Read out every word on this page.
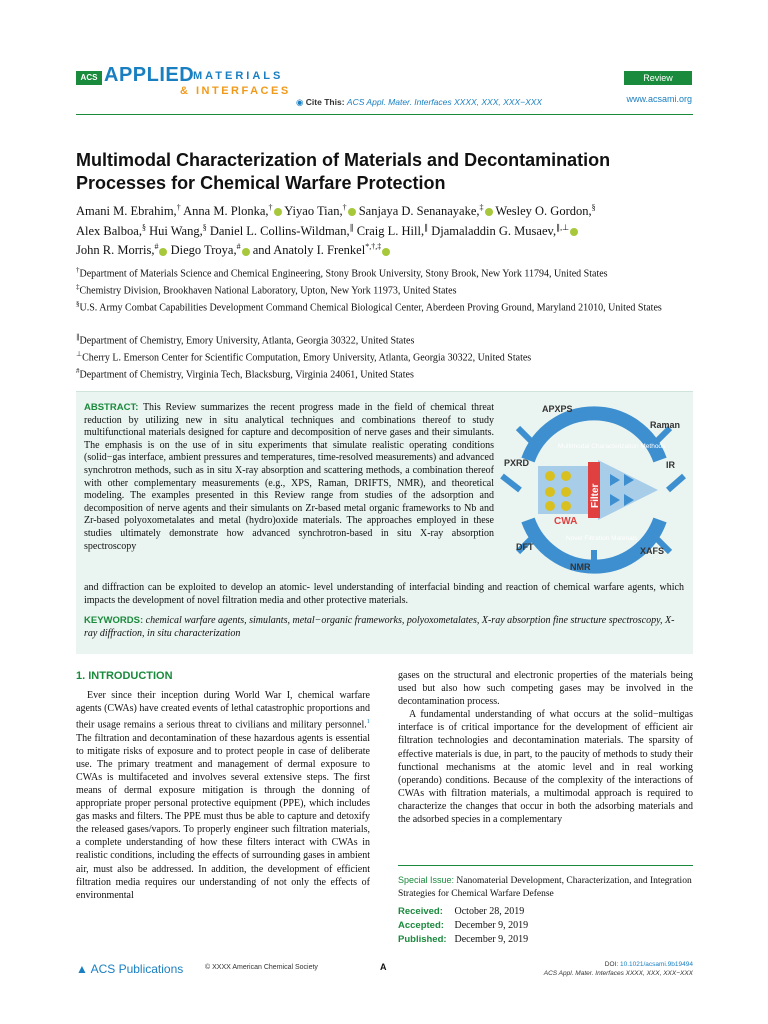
ACS APPLIED
MATERIALS
& INTERFACES
Review
www.acsami.org
◉ Cite This: ACS Appl. Mater. Interfaces XXXX, XXX, XXX−XXX
Multimodal Characterization of Materials and Decontamination Processes for Chemical Warfare Protection
Amani M. Ebrahim,† Anna M. Plonka,† Yiyao Tian,† Sanjaya D. Senanayake,‡ Wesley O. Gordon,§
Alex Balboa,§ Hui Wang,§ Daniel L. Collins-Wildman,∥ Craig L. Hill,∥ Djamaladdin G. Musaev,∥,⊥
John R. Morris,# Diego Troya,# and Anatoly I. Frenkel*,†,‡
†Department of Materials Science and Chemical Engineering, Stony Brook University, Stony Brook, New York 11794, United States
‡Chemistry Division, Brookhaven National Laboratory, Upton, New York 11973, United States
§U.S. Army Combat Capabilities Development Command Chemical Biological Center, Aberdeen Proving Ground, Maryland 21010, United States
∥Department of Chemistry, Emory University, Atlanta, Georgia 30322, United States
⊥Cherry L. Emerson Center for Scientific Computation, Emory University, Atlanta, Georgia 30322, United States
#Department of Chemistry, Virginia Tech, Blacksburg, Virginia 24061, United States
ABSTRACT: This Review summarizes the recent progress made in the field of chemical threat reduction by utilizing new in situ analytical techniques and combinations thereof to study multifunctional materials designed for capture and decomposition of nerve gases and their simulants. The emphasis is on the use of in situ experiments that simulate realistic operating conditions (solid−gas interface, ambient pressures and temperatures, time-resolved measurements) and advanced synchrotron methods, such as in situ X-ray absorption and scattering methods, a combination thereof with other complementary measurements (e.g., XPS, Raman, DRIFTS, NMR), and theoretical modeling. The examples presented in this Review range from studies of the adsorption and decomposition of nerve agents and their simulants on Zr-based metal organic frameworks to Nb and Zr-based polyoxometalates and metal (hydro)oxide materials. The approaches employed in these studies ultimately demonstrate how advanced synchrotron-based in situ X-ray absorption spectroscopy
and diffraction can be exploited to develop an atomic- level understanding of interfacial binding and reaction of chemical warfare agents, which impacts the development of novel filtration media and other protective materials.
KEYWORDS: chemical warfare agents, simulants, metal−organic frameworks, polyoxometalates, X-ray absorption fine structure spectroscopy, X-ray diffraction, in situ characterization
APXPS
Raman
PXRD	IR
DFT	XAFS
NMR
Filter
CWA
Multimodal Characterization Methods
Novel Filtration Materials
1. INTRODUCTION

Ever since their inception during World War I, chemical warfare agents (CWAs) have created events of lethal catastrophic proportions and their usage remains a serious threat to civilians and military personnel.$^1$ The filtration and decontamination of these hazardous agents is essential to mitigate risks of exposure and to protect people in case of deliberate use. The primary treatment and management of dermal exposure to CWAs is multifaceted and involves several extensive steps. The first means of dermal exposure mitigation is through the donning of appropriate proper personal protective equipment (PPE), which includes gas masks and filters. The PPE must thus be able to capture and detoxify the released gases/vapors. To properly engineer such filtration materials, a complete understanding of how these filters interact with CWAs in realistic conditions, including the effects of surrounding gases in ambient air, must also be addressed. In addition, the development of efficient filtration media requires our understanding of not only the effects of environmental

gases on the structural and electronic properties of the materials being used but also how such competing gases may be involved in the decontamination process.

A fundamental understanding of what occurs at the solid−multigas interface is of critical importance for the development of efficient air filtration technologies and decontamination materials. The sparsity of effective materials is due, in part, to the paucity of methods to study their functional mechanisms at the atomic level and in real working (operando) conditions. Because of the complexity of the interactions of CWAs with filtration materials, a multimodal approach is required to characterize the changes that occur in both the adsorbing materials and the adsorbed species in a complementary

Special Issue: Nanomaterial Development, Characterization, and Integration Strategies for Chemical Warfare Defense
Received: October 28, 2019
Accepted: December 9, 2019
Published: December 9, 2019
▲ ACS Publications	© XXXX American Chemical Society	A	DOI: 10.1021/acsami.9b19494
ACS Appl. Mater. Interfaces XXXX, XXX, XXX−XXX
